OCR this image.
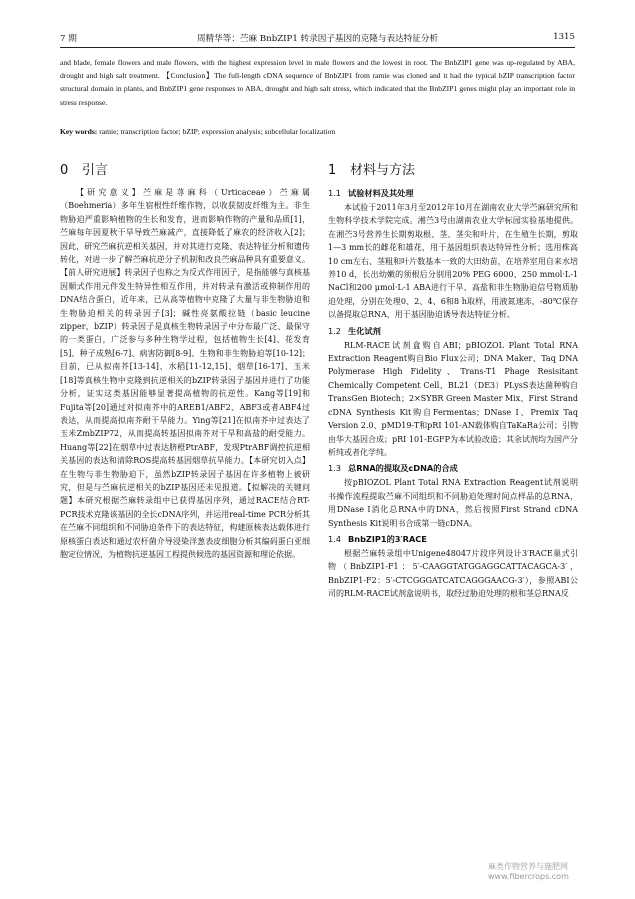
7 期	周精华等：苎麻 BnbZIP1 转录因子基因的克隆与表达特征分析	1315
and blade, female flowers and male flowers, with the highest expression level in male flowers and the lowest in root. The BnbZIP1 gene was up-regulated by ABA, drought and high salt treatment. 【Conclusion】The full-length cDNA sequence of BnbZIP1 from ramie was cloned and it had the typical bZIP transcription factor structural domain in plants, and BnbZIP1 gene responses to ABA, drought and high salt stress, which indicated that the BnbZIP1 genes might play an important role in stress response.
Key words: ramie; transcription factor; bZIP; expression analysis; subcellular localization
0 引言

【研究意义】苎麻是荨麻科（Urticaceae）苎麻属（Boehmeria）多年生宿根性纤维作物，以收获韧皮纤维为主。非生物胁迫严重影响植物的生长和发育，进而影响作物的产量和品质[1]，苎麻每年因夏秋干旱导致苎麻减产，直接降低了麻农的经济收入[2]；因此，研究苎麻抗逆相关基因，并对其进行克隆、表达特征分析和遗传转化，对进一步了解苎麻抗逆分子机制和改良苎麻品种具有重要意义。【前人研究进展】转录因子也称之为反式作用因子，是指能够与真核基因顺式作用元件发生特异性相互作用，并对转录有激活或抑制作用的DNA结合蛋白，近年来，已从高等植物中克隆了大量与非生物胁迫和生物胁迫相关的转录因子[3]；碱性亮氨酸拉链（basic leucine zipper，bZIP）转录因子是真核生物转录因子中分布最广泛、最保守的一类蛋白，广泛参与多种生物学过程，包括植物生长[4]、花发育[5]、种子成熟[6-7]、病害防御[8-9]、生物和非生物胁迫等[10-12]；目前，已从拟南芥[13-14]、水稻[11-12,15]、烟草[16-17]、玉米[18]等真核生物中克隆到抗逆相关的bZIP转录因子基因并进行了功能分析，证实这类基因能够显著提高植物的抗逆性。Kang等[19]和Fujita等[20]通过对拟南芥中的AREB1/ABF2、ABF3或者ABF4过表达，从而提高拟南芥耐干旱能力。Ying等[21]在拟南芥中过表达了玉米ZmbZIP72，从而提高转基因拟南芥对干旱和高盐的耐受能力。Huang等[22]在烟草中过表达脐橙PtrABF，发现PtrABF调控抗逆相关基因的表达和清除ROS提高转基因烟草抗旱能力。【本研究切入点】在生物与非生物胁迫下，虽然bZIP转录因子基因在许多植物上被研究，但是与苎麻抗逆相关的bZIP基因还未见报道。【拟解决的关键问题】本研究根据苎麻转录组中已获得基因序列，通过RACE结合RT-PCR技术克隆该基因的全长cDNA序列，并运用real-time PCR分析其在苎麻不同组织和不同胁迫条件下的表达特征，构建原核表达载体进行原核蛋白表达和通过农杆菌介导浸染洋葱表皮细胞分析其编码蛋白亚细胞定位情况，为植物抗逆基因工程提供候选的基因资源和理论依据。

1 材料与方法
1.1 试验材料及其处理

本试验于2011年3月至2012年10月在湖南农业大学苎麻研究所和生物科学技术学院完成。湘苎3号由湖南农业大学标园实验基地提供。在湘苎3号营养生长期剪取根、茎、茎尖和叶片，在生殖生长期，剪取1—3 mm长的雌花和雄花，用于基因组织表达特异性分析；选用株高10 cm左右、茎粗和叶片数基本一致的大田幼苗，在培养室用自来水培养10 d，长出幼嫩的须根后分别用20% PEG 6000、250 mmol·L-1 NaCl和200 μmol·L-1 ABA进行干旱、高盐和非生物胁迫信号物质胁迫处理，分别在处理0、2、4、6和8 h取样，用液氮速冻，-80℃保存以备提取总RNA，用于基因胁迫诱导表达特征分析。

1.2 生化试剂

RLM-RACE试剂盒购自ABI；pBIOZOL Plant Total RNA Extraction Reagent购自Bio Flux公司；DNA Maker、Taq DNA Polymerase High Fidelity、Trans-T1 Phage Resisitant Chemically Competent Cell、BL21（DE3）PLysS表达菌种购自TransGen Biotech；2×SYBR Green Master Mix、First Strand cDNA Synthesis Kit购自Fermentas；DNase Ⅰ、Premix Taq Version 2.0、pMD19-T和pRI 101-AN载体购自TaKaRa公司；引物由华大基因合成；pRI 101-EGFP为本试验改造；其余试剂均为国产分析纯或者化学纯。

1.3 总RNA的提取及cDNA的合成

按pBIOZOL Plant Total RNA Extraction Reagent试剂说明书操作流程提取苎麻不同组织和不同胁迫处理时间点样品的总RNA，用DNase Ⅰ消化总RNA中的DNA，然后按照First Strand cDNA Synthesis Kit说明书合成第一链cDNA。

1.4 BnbZIP1的3′RACE

根据苎麻转录组中Unigene48047片段序列设计3′RACE巢式引物（BnbZIP1-F1：5′-CAAGGTATGGAGGCATTACAGCA-3′，BnbZIP1-F2：5′-CTCGGGATCATCAGGGAACG-3′），参照ABI公司的RLM-RACE试剂盒说明书，取经过胁迫处理的根和茎总RNA反

麻类作物营养与施肥网
www.fibercrops.com
